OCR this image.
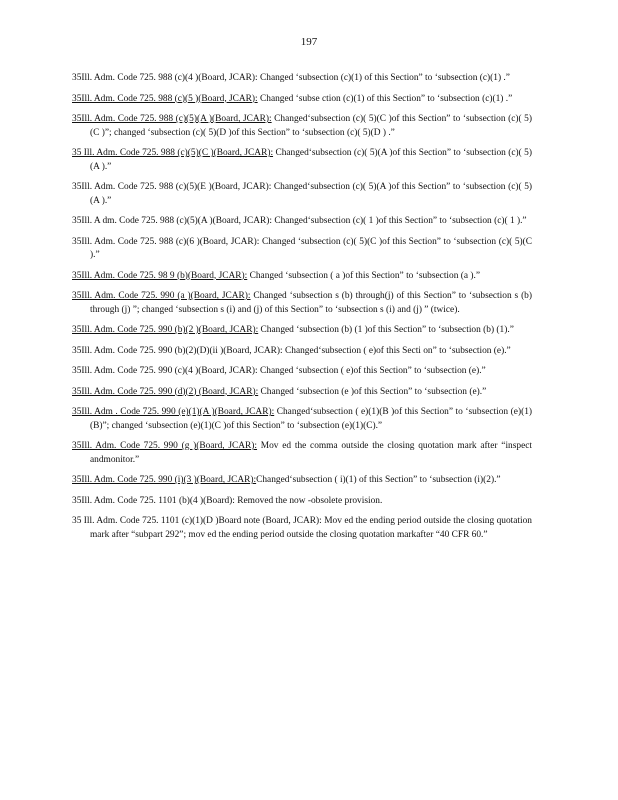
197

35Ill. Adm. Code 725. 988 (c)(4 )(Board, JCAR): Changed ‘subsection (c)(1) of this Section” to ‘subsection (c)(1) .”

35Ill. Adm. Code 725. 988 (c)(5 )(Board, JCAR): Changed ‘subse ction (c)(1) of this Section” to ‘subsection (c)(1) .”

35Ill. Adm. Code 725. 988 (c)(5)(A )(Board, JCAR): Changed‘subsection (c)( 5)(C )of this Section” to ‘subsection (c)( 5)(C )”; changed ‘subsection (c)( 5)(D )of this Section” to ‘subsection (c)( 5)(D ) .”

35 Ill. Adm. Code 725. 988 (c)(5)(C )(Board, JCAR): Changed‘subsection (c)( 5)(A )of this Section” to ‘subsection (c)( 5)(A ).”

35Ill. Adm. Code 725. 988 (c)(5)(E )(Board, JCAR): Changed‘subsection (c)( 5)(A )of this Section” to ‘subsection (c)( 5)(A ).”

35Ill. A dm. Code 725. 988 (c)(5)(A )(Board, JCAR): Changed‘subsection (c)( 1 )of this Section” to ‘subsection (c)( 1 ).”

35Ill. Adm. Code 725. 988 (c)(6 )(Board, JCAR): Changed ‘subsection (c)( 5)(C )of this Section” to ‘subsection (c)( 5)(C ).”

35Ill. Adm. Code 725. 98 9 (b)(Board, JCAR): Changed ‘subsection ( a )of this Section” to ‘subsection (a ).”

35Ill. Adm. Code 725. 990 (a )(Board, JCAR): Changed ‘subsection s (b) through(j) of this Section” to ‘subsection s (b) through (j) ”; changed ‘subsection s (i) and (j) of this Section” to ‘subsection s (i) and (j) ” (twice).

35Ill. Adm. Code 725. 990 (b)(2 )(Board, JCAR): Changed ‘subsection (b) (1 )of this Section” to ‘subsection (b) (1).”

35Ill. Adm. Code 725. 990 (b)(2)(D)(ii )(Board, JCAR): Changed‘subsection ( e)of this Secti on” to ‘subsection (e).”

35Ill. Adm. Code 725. 990 (c)(4 )(Board, JCAR): Changed ‘subsection ( e)of this Section” to ‘subsection (e).”

35Ill. Adm. Code 725. 990 (d)(2) (Board, JCAR): Changed ‘subsection (e )of this Section” to ‘subsection (e).”

35Ill. Adm . Code 725. 990 (e)(1)(A )(Board, JCAR): Changed‘subsection ( e)(1)(B )of this Section” to ‘subsection (e)(1)(B)”; changed ‘subsection (e)(1)(C )of this Section” to ‘subsection (e)(1)(C).”

35Ill. Adm. Code 725. 990 (g )(Board, JCAR): Mov ed the comma outside the closing quotation mark after “inspect andmonitor.”

35Ill. Adm. Code 725. 990 (i)(3 )(Board, JCAR):Changed‘subsection ( i)(1) of this Section” to ‘subsection (i)(2).”

35Ill. Adm. Code 725. 1101 (b)(4 )(Board): Removed the now -obsolete provision.

35 Ill. Adm. Code 725. 1101 (c)(1)(D )Board note (Board, JCAR): Mov ed the ending period outside the closing quotation mark after “subpart 292”; mov ed the ending period outside the closing quotation markafter “40 CFR 60.”
